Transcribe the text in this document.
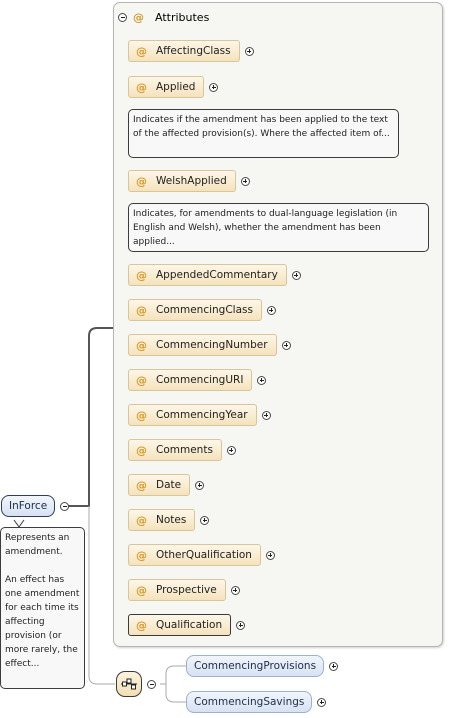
@ Attributes
@ AffectingClass
@ Applied
Indicates if the amendment has been applied to the text of the affected provision(s). Where the affected item of...
@ WelshApplied
Indicates, for amendments to dual-language legislation (in English and Welsh), whether the amendment has been applied...
@ AppendedCommentary
@ CommencingClass
@ CommencingNumber
@ CommencingURI
@ CommencingYear
@ Comments
@ Date
@ Notes
@ OtherQualification
@ Prospective
@ Qualification
InForce
Represents an amendment.

An effect has one amendment for each time its affecting provision (or more rarely, the effect...	CommencingProvisions
CommencingSavings
